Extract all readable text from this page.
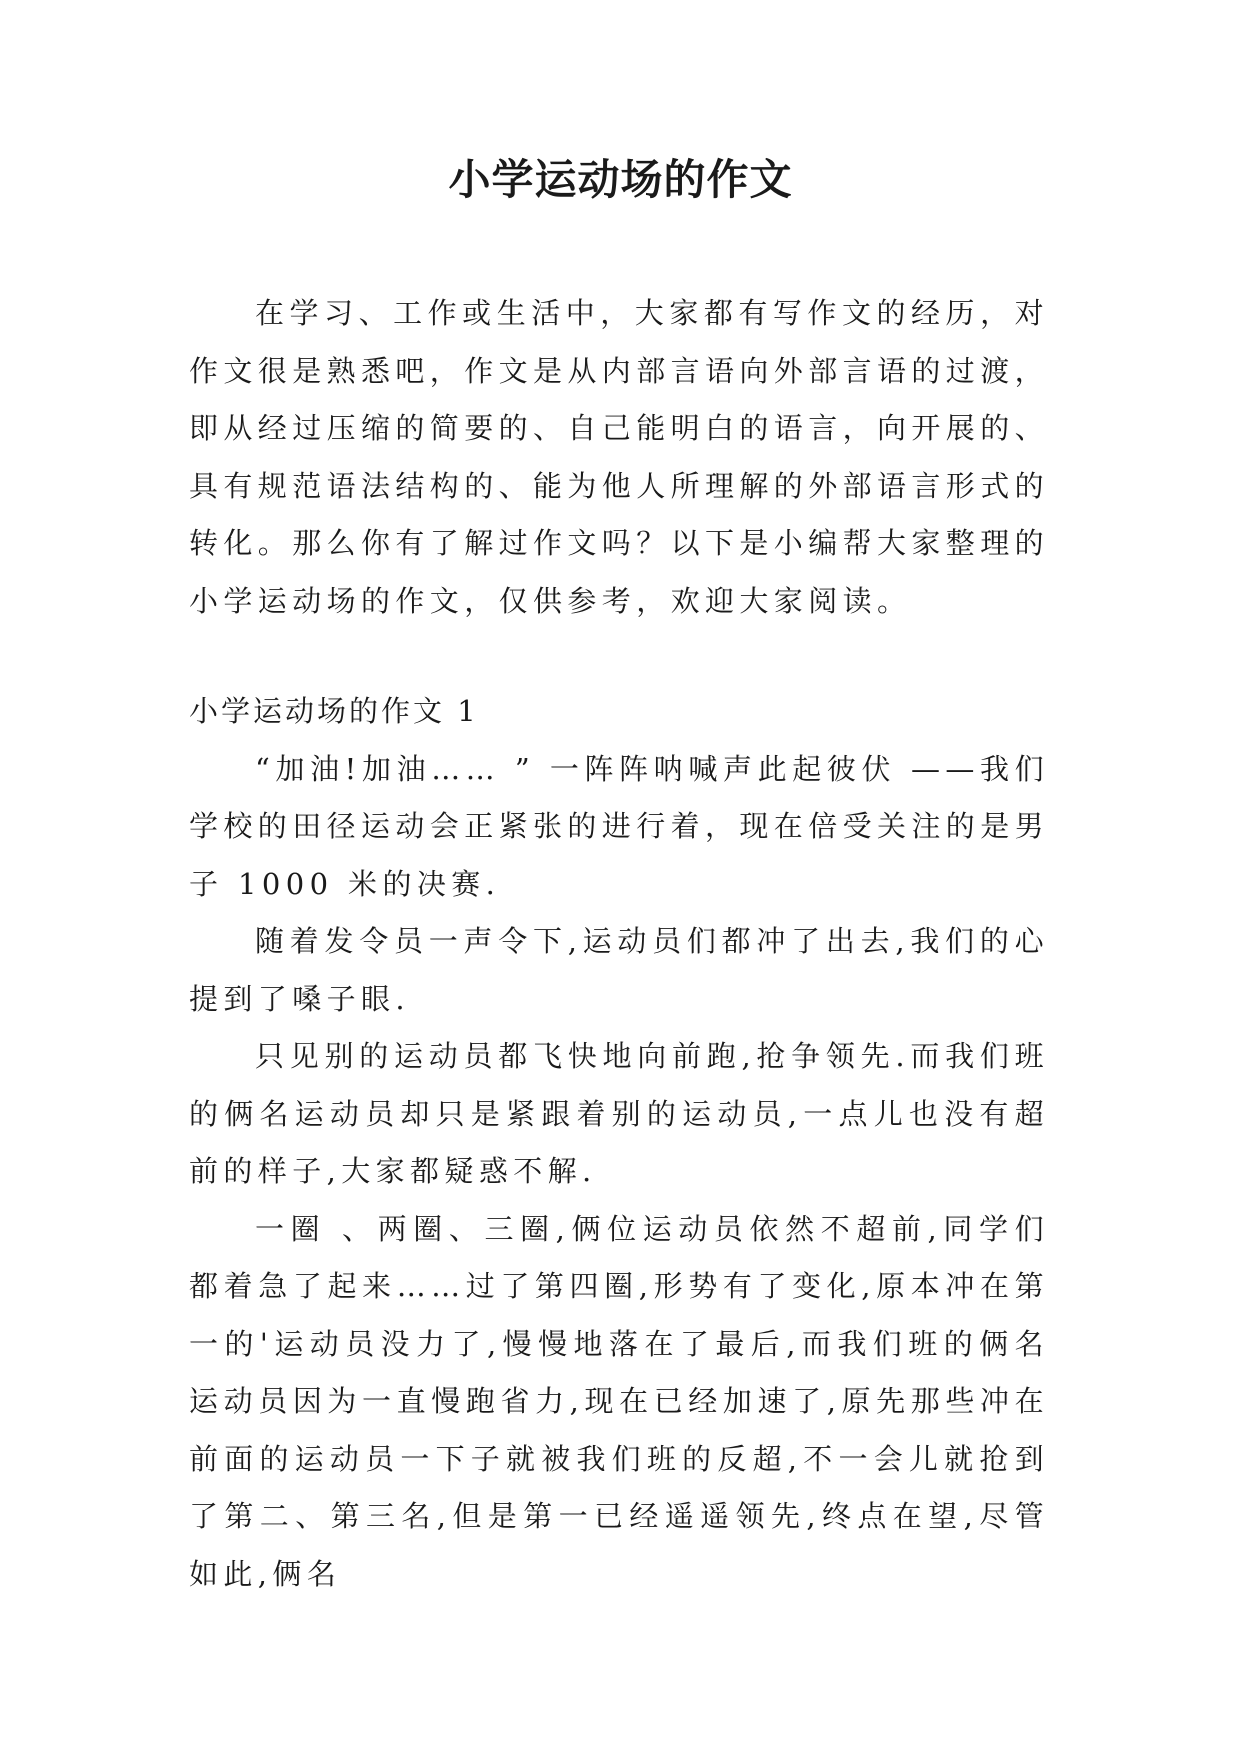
小学运动场的作文

在学习、工作或生活中，大家都有写作文的经历，对作文很是熟悉吧，作文是从内部言语向外部言语的过渡，即从经过压缩的简要的、自己能明白的语言，向开展的、具有规范语法结构的、能为他人所理解的外部语言形式的转化。那么你有了解过作文吗？以下是小编帮大家整理的小学运动场的作文，仅供参考，欢迎大家阅读。

小学运动场的作文 1

“加油!加油…… ” 一阵阵呐喊声此起彼伏 ——我们学校的田径运动会正紧张的进行着，现在倍受关注的是男子 1000 米的决赛.

随着发令员一声令下,运动员们都冲了出去,我们的心提到了嗓子眼.

只见别的运动员都飞快地向前跑,抢争领先.而我们班的俩名运动员却只是紧跟着别的运动员,一点儿也没有超前的样子,大家都疑惑不解.

一圈 、两圈、三圈,俩位运动员依然不超前,同学们都着急了起来……过了第四圈,形势有了变化,原本冲在第一的'运动员没力了,慢慢地落在了最后,而我们班的俩名运动员因为一直慢跑省力,现在已经加速了,原先那些冲在前面的运动员一下子就被我们班的反超,不一会儿就抢到了第二、第三名,但是第一已经遥遥领先,终点在望,尽管如此,俩名
